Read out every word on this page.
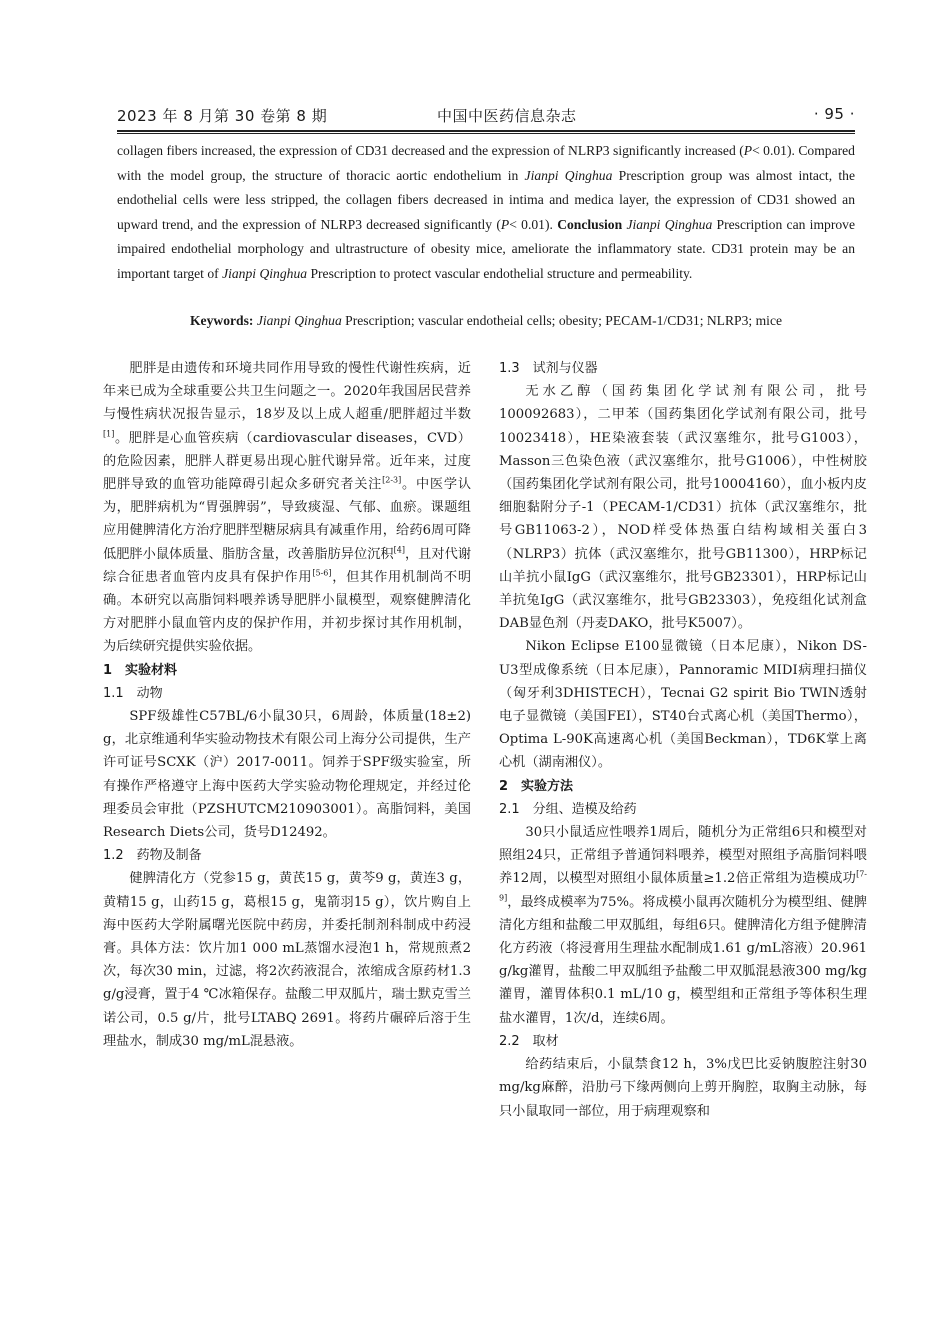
2023 年 8 月第 30 卷第 8 期	中国中医药信息杂志	· 95 ·

collagen fibers increased, the expression of CD31 decreased and the expression of NLRP3 significantly increased (P< 0.01). Compared with the model group, the structure of thoracic aortic endothelium in Jianpi Qinghua Prescription group was almost intact, the endothelial cells were less stripped, the collagen fibers decreased in intima and medica layer, the expression of CD31 showed an upward trend, and the expression of NLRP3 decreased significantly (P< 0.01). Conclusion Jianpi Qinghua Prescription can improve impaired endothelial morphology and ultrastructure of obesity mice, ameliorate the inflammatory state. CD31 protein may be an important target of Jianpi Qinghua Prescription to protect vascular endothelial structure and permeability.

Keywords: Jianpi Qinghua Prescription; vascular endotheial cells; obesity; PECAM-1/CD31; NLRP3; mice

肥胖是由遗传和环境共同作用导致的慢性代谢性疾病，近年来已成为全球重要公共卫生问题之一。2020年我国居民营养与慢性病状况报告显示，18岁及以上成人超重/肥胖超过半数[1]。肥胖是心血管疾病（cardiovascular diseases，CVD）的危险因素，肥胖人群更易出现心脏代谢异常。近年来，过度肥胖导致的血管功能障碍引起众多研究者关注[2-3]。中医学认为，肥胖病机为“胃强脾弱”，导致痰湿、气郁、血瘀。课题组应用健脾清化方治疗肥胖型糖尿病具有减重作用，给药6周可降低肥胖小鼠体质量、脂肪含量，改善脂肪异位沉积[4]，且对代谢综合征患者血管内皮具有保护作用[5-6]，但其作用机制尚不明确。本研究以高脂饲料喂养诱导肥胖小鼠模型，观察健脾清化方对肥胖小鼠血管内皮的保护作用，并初步探讨其作用机制，为后续研究提供实验依据。

1　实验材料

1.1　动物

SPF级雄性C57BL/6小鼠30只，6周龄，体质量(18±2) g，北京维通利华实验动物技术有限公司上海分公司提供，生产许可证号SCXK（沪）2017-0011。饲养于SPF级实验室，所有操作严格遵守上海中医药大学实验动物伦理规定，并经过伦理委员会审批（PZSHUTCM210903001）。高脂饲料，美国Research Diets公司，货号D12492。

1.2　药物及制备

健脾清化方（党参15 g，黄芪15 g，黄芩9 g，黄连3 g，黄精15 g，山药15 g，葛根15 g，鬼箭羽15 g），饮片购自上海中医药大学附属曙光医院中药房，并委托制剂科制成中药浸膏。具体方法：饮片加1 000 mL蒸馏水浸泡1 h，常规煎煮2次，每次30 min，过滤，将2次药液混合，浓缩成含原药材1.3 g/g浸膏，置于4 ℃冰箱保存。盐酸二甲双胍片，瑞士默克雪兰诺公司，0.5 g/片，批号LTABQ 2691。将药片碾碎后溶于生理盐水，制成30 mg/mL混悬液。

1.3　试剂与仪器

无水乙醇（国药集团化学试剂有限公司，批号100092683），二甲苯（国药集团化学试剂有限公司，批号10023418），HE染液套装（武汉塞维尔，批号G1003），Masson三色染色液（武汉塞维尔，批号G1006），中性树胶（国药集团化学试剂有限公司，批号10004160），血小板内皮细胞黏附分子-1（PECAM-1/CD31）抗体（武汉塞维尔，批号GB11063-2），NOD样受体热蛋白结构域相关蛋白3（NLRP3）抗体（武汉塞维尔，批号GB11300），HRP标记山羊抗小鼠IgG（武汉塞维尔，批号GB23301），HRP标记山羊抗兔IgG（武汉塞维尔，批号GB23303），免疫组化试剂盒DAB显色剂（丹麦DAKO，批号K5007）。

Nikon Eclipse E100显微镜（日本尼康），Nikon DS-U3型成像系统（日本尼康），Pannoramic MIDI病理扫描仪（匈牙利3DHISTECH），Tecnai G2 spirit Bio TWIN透射电子显微镜（美国FEI），ST40台式离心机（美国Thermo），Optima L-90K高速离心机（美国Beckman），TD6K掌上离心机（湖南湘仪）。

2　实验方法

2.1　分组、造模及给药

30只小鼠适应性喂养1周后，随机分为正常组6只和模型对照组24只，正常组予普通饲料喂养，模型对照组予高脂饲料喂养12周，以模型对照组小鼠体质量≥1.2倍正常组为造模成功[7-9]，最终成模率为75%。将成模小鼠再次随机分为模型组、健脾清化方组和盐酸二甲双胍组，每组6只。健脾清化方组予健脾清化方药液（将浸膏用生理盐水配制成1.61 g/mL溶液）20.961 g/kg灌胃，盐酸二甲双胍组予盐酸二甲双胍混悬液300 mg/kg灌胃，灌胃体积0.1 mL/10 g，模型组和正常组予等体积生理盐水灌胃，1次/d，连续6周。

2.2　取材

给药结束后，小鼠禁食12 h，3%戊巴比妥钠腹腔注射30 mg/kg麻醉，沿肋弓下缘两侧向上剪开胸腔，取胸主动脉，每只小鼠取同一部位，用于病理观察和
